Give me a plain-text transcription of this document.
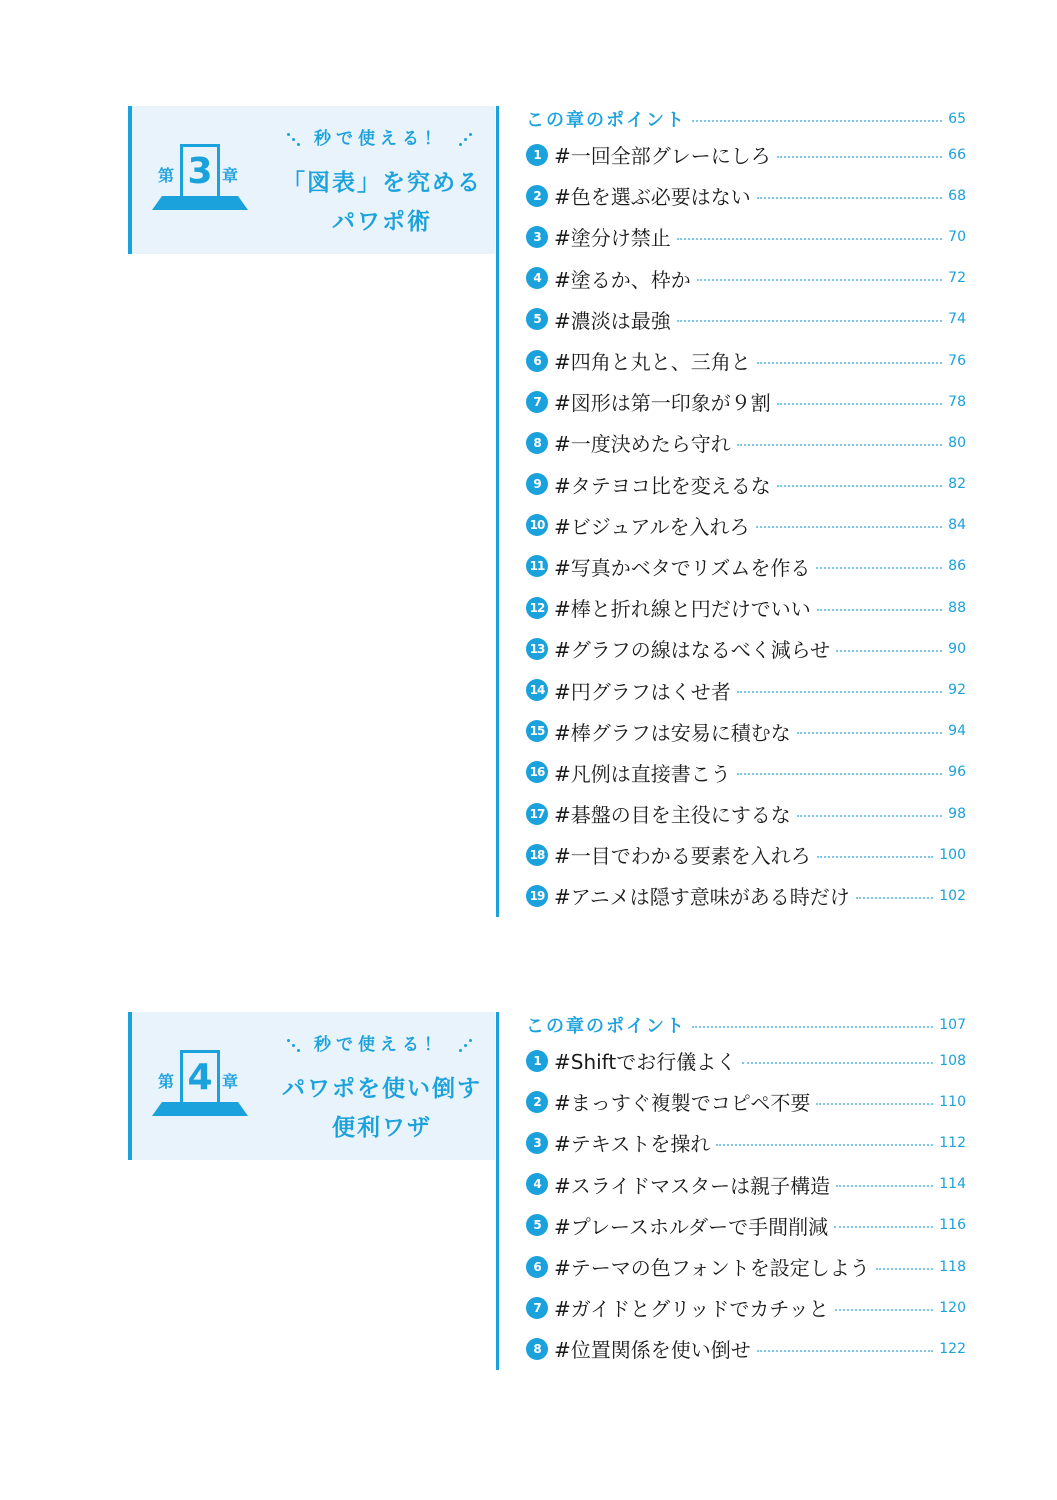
第 3 章
秒で使える！
「図表」を究める
パワポ術
この章のポイント	65
1 #一回全部グレーにしろ	66
2 #色を選ぶ必要はない	68
3 #塗分け禁止	70
4 #塗るか、枠か	72
5 #濃淡は最強	74
6 #四角と丸と、三角と	76
7 #図形は第一印象が９割	78
8 #一度決めたら守れ	80
9 #タテヨコ比を変えるな	82
10 #ビジュアルを入れろ	84
11 #写真かベタでリズムを作る	86
12 #棒と折れ線と円だけでいい	88
13 #グラフの線はなるべく減らせ	90
14 #円グラフはくせ者	92
15 #棒グラフは安易に積むな	94
16 #凡例は直接書こう	96
17 #碁盤の目を主役にするな	98
18 #一目でわかる要素を入れろ	100
19 #アニメは隠す意味がある時だけ	102
第 4 章
秒で使える！
パワポを使い倒す
便利ワザ
この章のポイント	107
1 #Shiftでお行儀よく	108
2 #まっすぐ複製でコピペ不要	110
3 #テキストを操れ	112
4 #スライドマスターは親子構造	114
5 #プレースホルダーで手間削減	116
6 #テーマの色フォントを設定しよう	118
7 #ガイドとグリッドでカチッと	120
8 #位置関係を使い倒せ	122
